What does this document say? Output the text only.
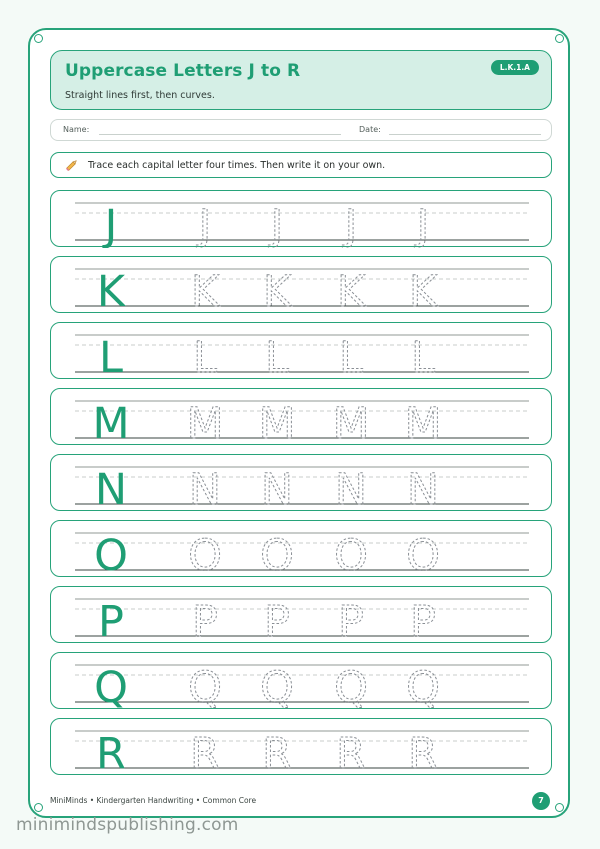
Uppercase Letters J to R
Straight lines first, then curves.
L.K.1.A
Name:	Date:
Trace each capital letter four times. Then write it on your own.
J J J J J
K K K K K
L L L L L
M M M M M
N N N N N
O O O O O
P P P P P
Q Q Q Q Q
R R R R R
MiniMinds • Kindergarten Handwriting • Common Core	7
minimindspublishing.com
